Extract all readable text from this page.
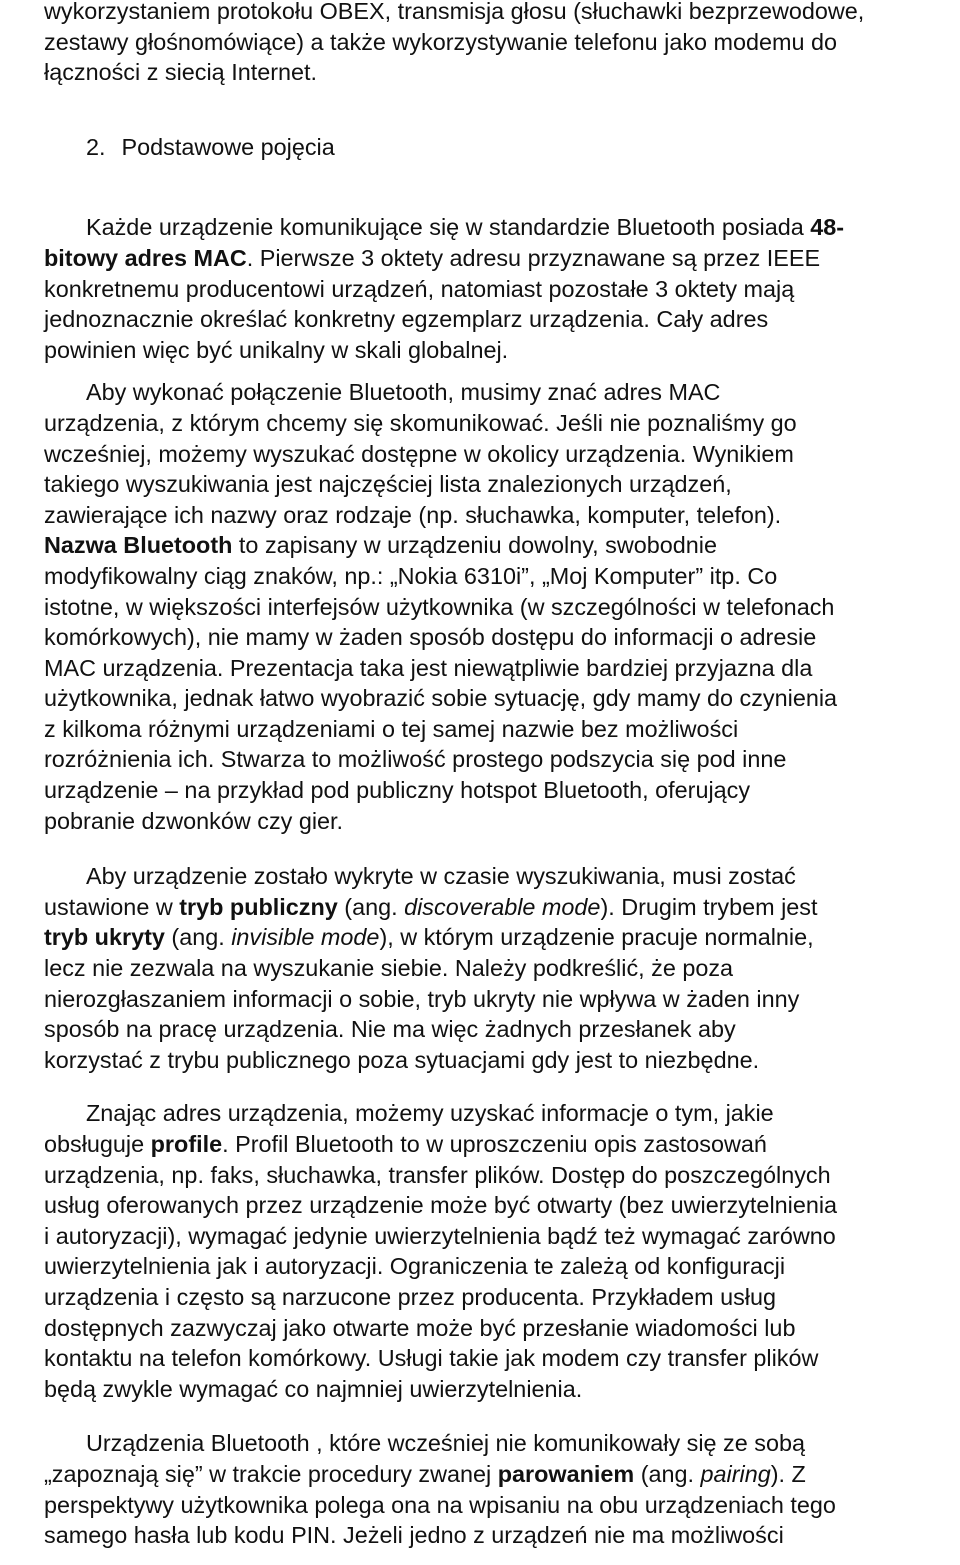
wykorzystaniem protokołu OBEX, transmisja głosu (słuchawki bezprzewodowe,
zestawy głośnomówiące) a także wykorzystywanie telefonu jako modemu do
łączności z siecią Internet.
2. Podstawowe pojęcia
Każde urządzenie komunikujące się w standardzie Bluetooth posiada 48-
bitowy adres MAC. Pierwsze 3 oktety adresu przyznawane są przez IEEE
konkretnemu producentowi urządzeń, natomiast pozostałe 3 oktety mają
jednoznacznie określać konkretny egzemplarz urządzenia. Cały adres
powinien więc być unikalny w skali globalnej.
Aby wykonać połączenie Bluetooth, musimy znać adres MAC
urządzenia, z którym chcemy się skomunikować. Jeśli nie poznaliśmy go
wcześniej, możemy wyszukać dostępne w okolicy urządzenia. Wynikiem
takiego wyszukiwania jest najczęściej lista znalezionych urządzeń,
zawierające ich nazwy oraz rodzaje (np. słuchawka, komputer, telefon).
Nazwa Bluetooth to zapisany w urządzeniu dowolny, swobodnie
modyfikowalny ciąg znaków, np.: „Nokia 6310i”, „Moj Komputer” itp. Co
istotne, w większości interfejsów użytkownika (w szczególności w telefonach
komórkowych), nie mamy w żaden sposób dostępu do informacji o adresie
MAC urządzenia. Prezentacja taka jest niewątpliwie bardziej przyjazna dla
użytkownika, jednak łatwo wyobrazić sobie sytuację, gdy mamy do czynienia
z kilkoma różnymi urządzeniami o tej samej nazwie bez możliwości
rozróżnienia ich. Stwarza to możliwość prostego podszycia się pod inne
urządzenie – na przykład pod publiczny hotspot Bluetooth, oferujący
pobranie dzwonków czy gier.
Aby urządzenie zostało wykryte w czasie wyszukiwania, musi zostać
ustawione w tryb publiczny (ang. discoverable mode). Drugim trybem jest
tryb ukryty (ang. invisible mode), w którym urządzenie pracuje normalnie,
lecz nie zezwala na wyszukanie siebie. Należy podkreślić, że poza
nierozgłaszaniem informacji o sobie, tryb ukryty nie wpływa w żaden inny
sposób na pracę urządzenia. Nie ma więc żadnych przesłanek aby
korzystać z trybu publicznego poza sytuacjami gdy jest to niezbędne.
Znając adres urządzenia, możemy uzyskać informacje o tym, jakie
obsługuje profile. Profil Bluetooth to w uproszczeniu opis zastosowań
urządzenia, np. faks, słuchawka, transfer plików. Dostęp do poszczególnych
usług oferowanych przez urządzenie może być otwarty (bez uwierzytelnienia
i autoryzacji), wymagać jedynie uwierzytelnienia bądź też wymagać zarówno
uwierzytelnienia jak i autoryzacji. Ograniczenia te zależą od konfiguracji
urządzenia i często są narzucone przez producenta. Przykładem usług
dostępnych zazwyczaj jako otwarte może być przesłanie wiadomości lub
kontaktu na telefon komórkowy. Usługi takie jak modem czy transfer plików
będą zwykle wymagać co najmniej uwierzytelnienia.
Urządzenia Bluetooth , które wcześniej nie komunikowały się ze sobą
„zapoznają się” w trakcie procedury zwanej parowaniem (ang. pairing). Z
perspektywy użytkownika polega ona na wpisaniu na obu urządzeniach tego
samego hasła lub kodu PIN. Jeżeli jedno z urządzeń nie ma możliwości
